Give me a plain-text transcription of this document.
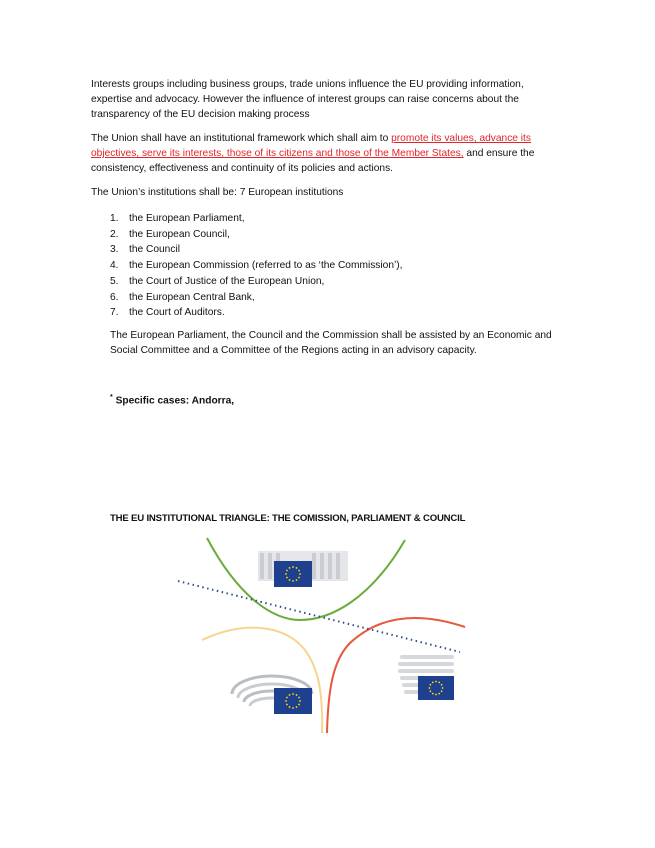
Interests groups including business groups, trade unions influence the EU providing information, expertise and advocacy. However the influence of interest groups can raise concerns about the transparency of the EU decision making process

The Union shall have an institutional framework which shall aim to promote its values, advance its objectives, serve its interests, those of its citizens and those of the Member States, and ensure the consistency, effectiveness and continuity of its policies and actions.

The Union’s institutions shall be: 7 European institutions

1.	the European Parliament,
2.	the European Council,
3.	the Council
4.	the European Commission (referred to as ‘the Commission’),
5.	the Court of Justice of the European Union,
6.	the European Central Bank,
7.	the Court of Auditors.

The European Parliament, the Council and the Commission shall be assisted by an Economic and Social Committee and a Committee of the Regions acting in an advisory capacity.

* Specific cases: Andorra,
THE EU INSTITUTIONAL TRIANGLE: THE COMISSION, PARLIAMENT & COUNCIL
